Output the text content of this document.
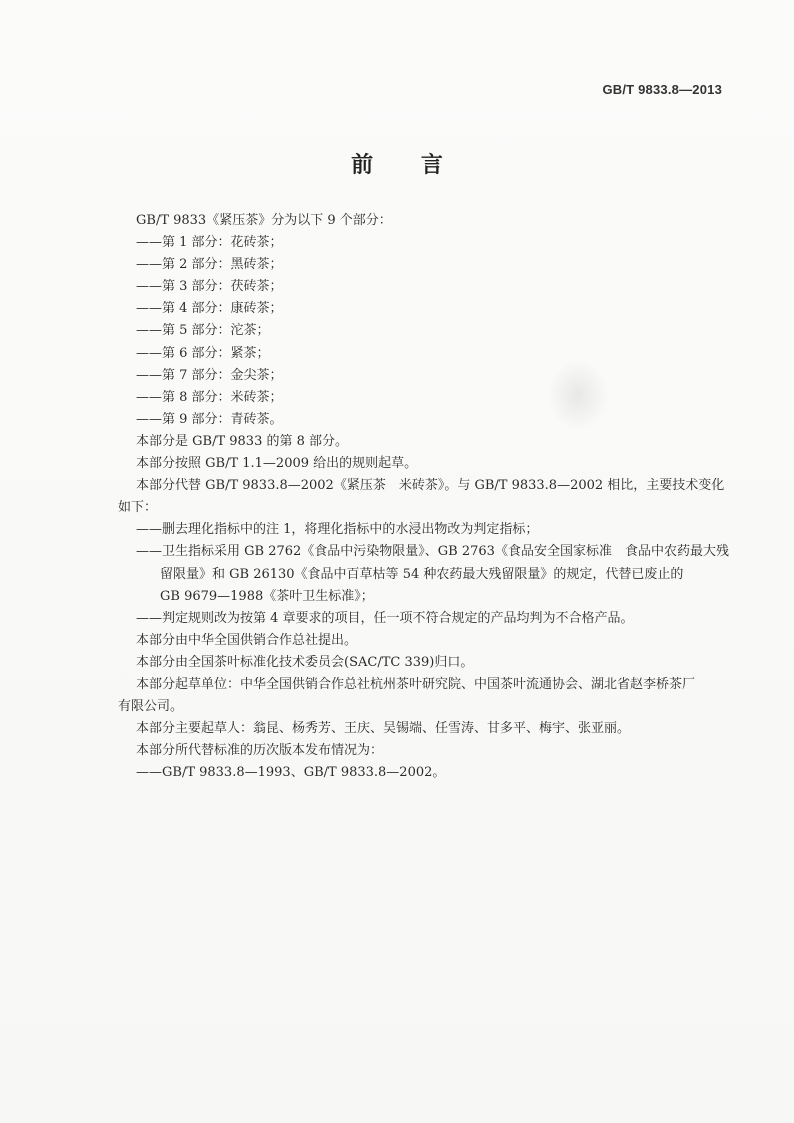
GB/T 9833.8—2013
前 言
GB/T 9833《紧压茶》分为以下 9 个部分：
——第 1 部分：花砖茶；
——第 2 部分：黑砖茶；
——第 3 部分：茯砖茶；
——第 4 部分：康砖茶；
——第 5 部分：沱茶；
——第 6 部分：紧茶；
——第 7 部分：金尖茶；
——第 8 部分：米砖茶；
——第 9 部分：青砖茶。
本部分是 GB/T 9833 的第 8 部分。
本部分按照 GB/T 1.1—2009 给出的规则起草。
本部分代替 GB/T 9833.8—2002《紧压茶　米砖茶》。与 GB/T 9833.8—2002 相比，主要技术变化
如下：
——删去理化指标中的注 1，将理化指标中的水浸出物改为判定指标；
——卫生指标采用 GB 2762《食品中污染物限量》、GB 2763《食品安全国家标准　食品中农药最大残
留限量》和 GB 26130《食品中百草枯等 54 种农药最大残留限量》的规定，代替已废止的
GB 9679—1988《茶叶卫生标准》；
——判定规则改为按第 4 章要求的项目，任一项不符合规定的产品均判为不合格产品。
本部分由中华全国供销合作总社提出。
本部分由全国茶叶标准化技术委员会(SAC/TC 339)归口。
本部分起草单位：中华全国供销合作总社杭州茶叶研究院、中国茶叶流通协会、湖北省赵李桥茶厂
有限公司。
本部分主要起草人：翁昆、杨秀芳、王庆、吴锡端、任雪涛、甘多平、梅宇、张亚丽。
本部分所代替标准的历次版本发布情况为：
——GB/T 9833.8—1993、GB/T 9833.8—2002。
